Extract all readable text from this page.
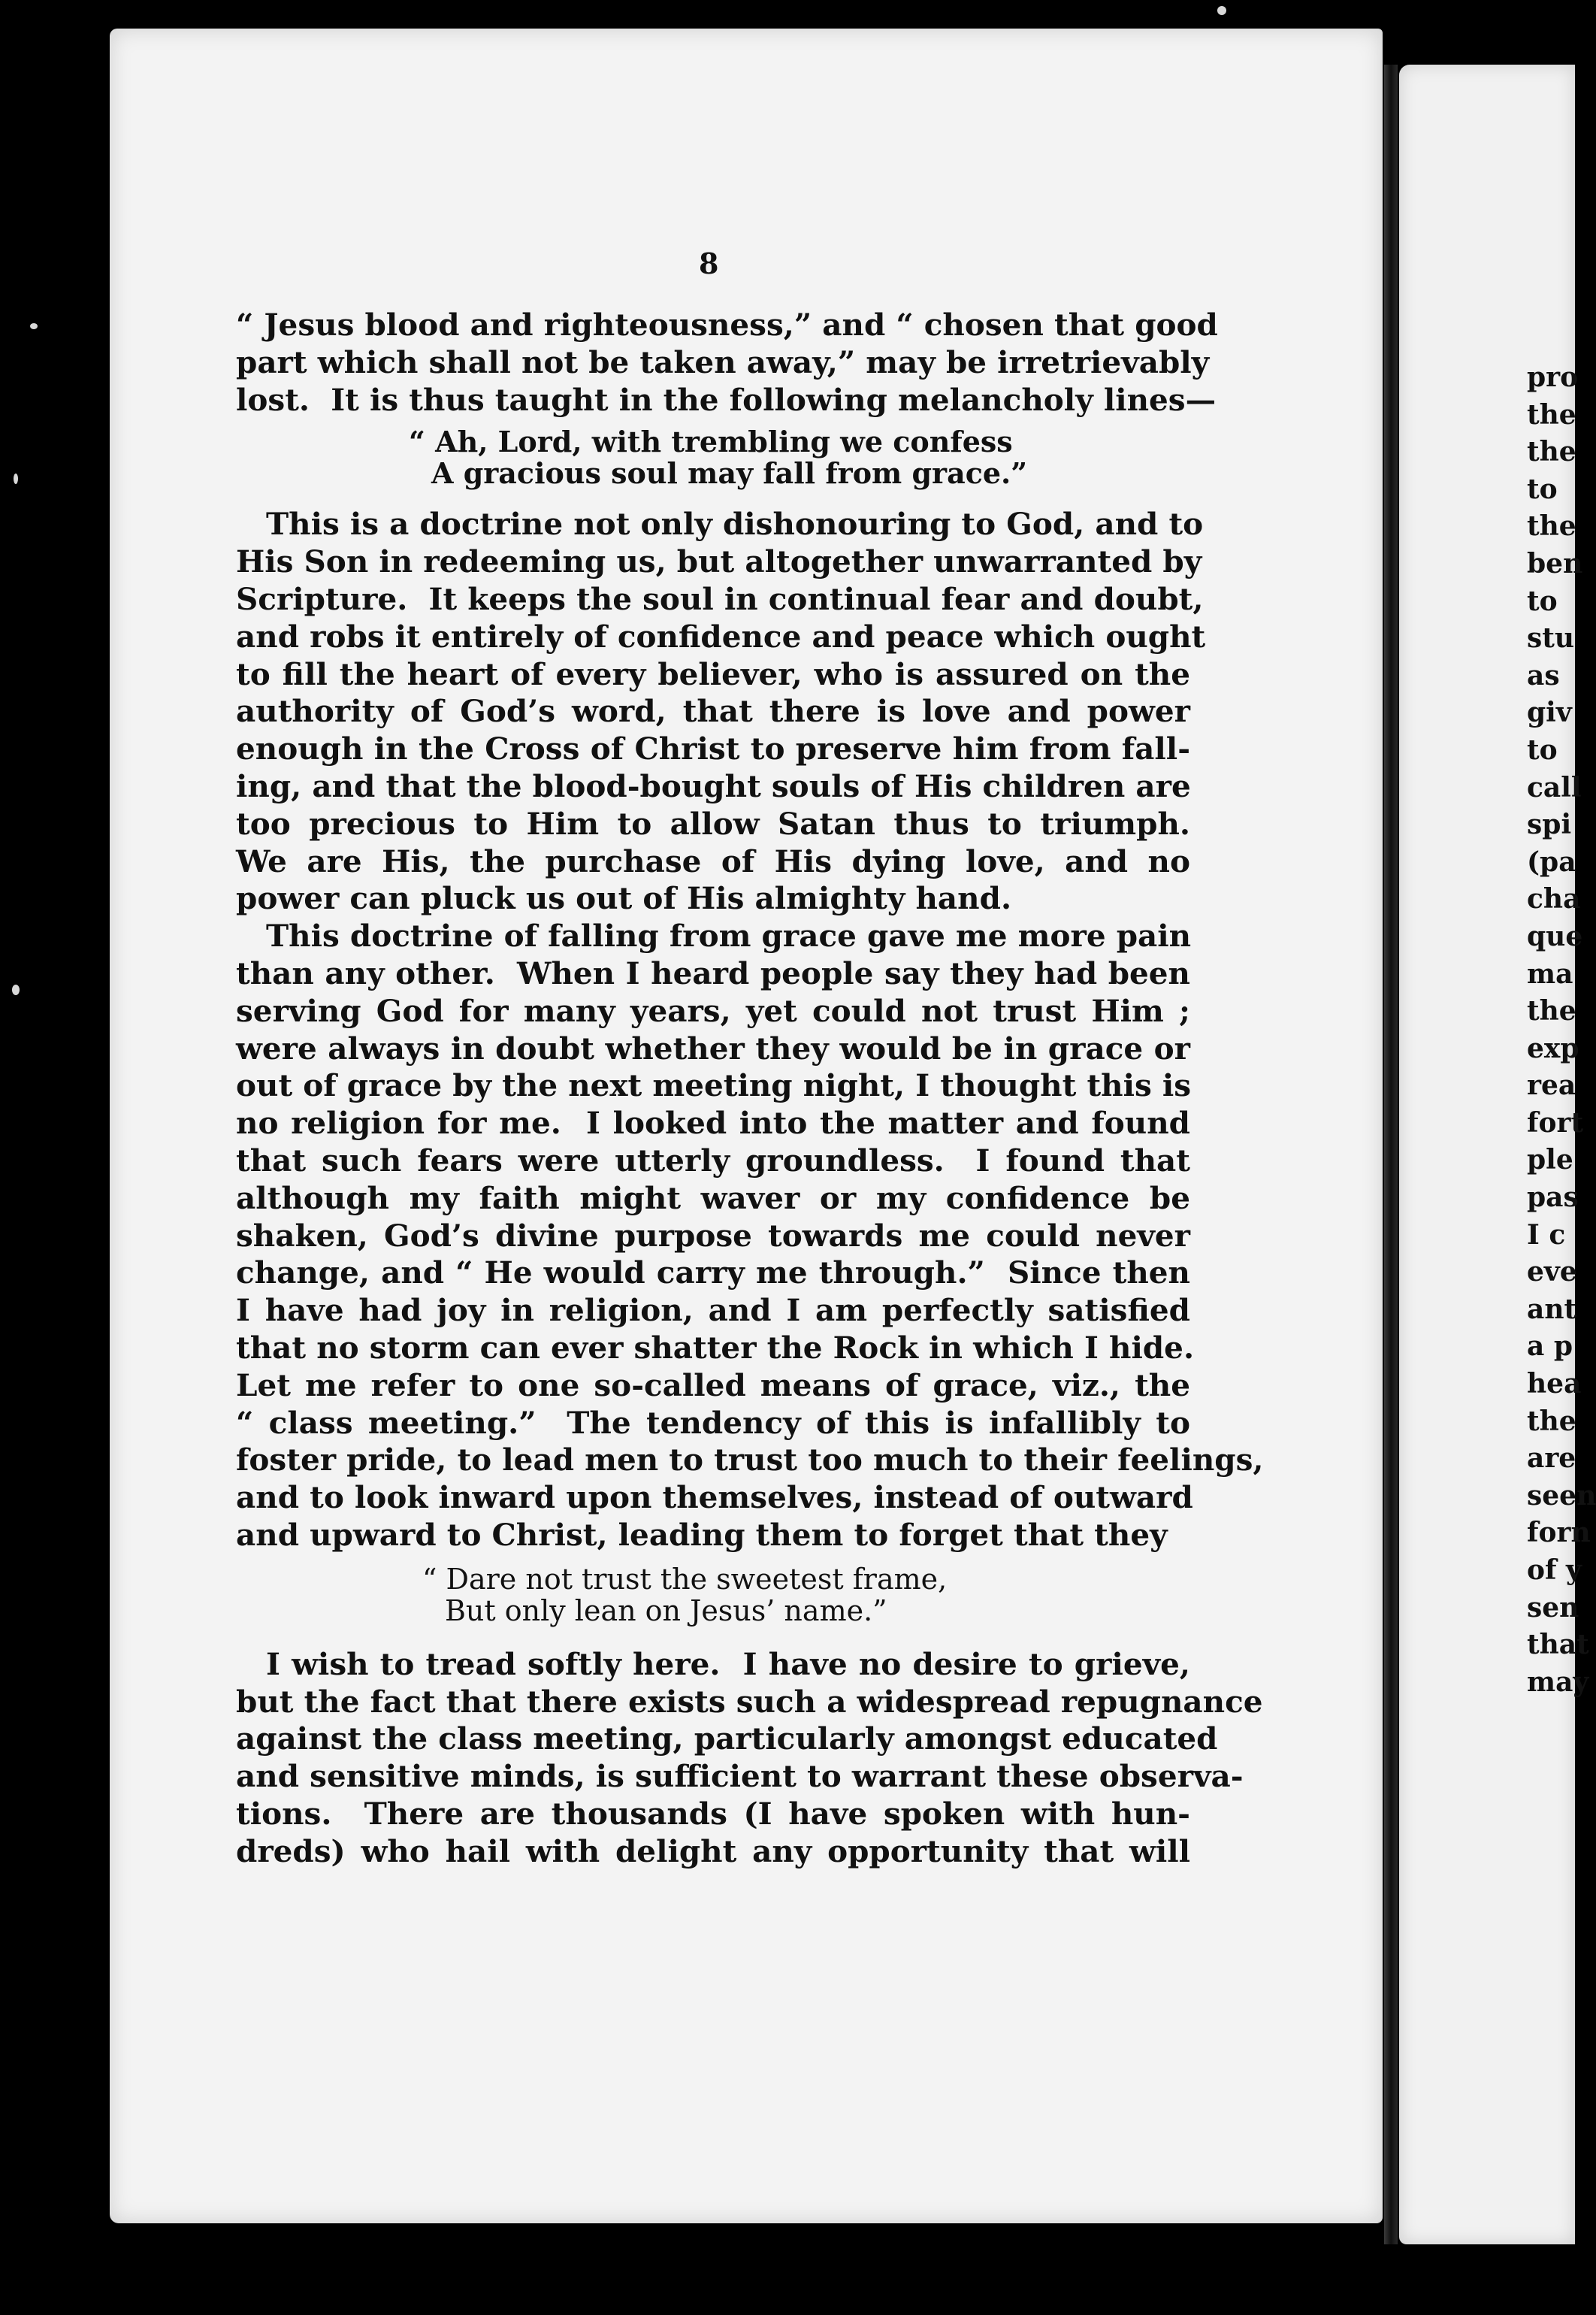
8
“ Jesus blood and righteousness,” and “ chosen that good
part which shall not be taken away,” may be irretrievably
lost.  It is thus taught in the following melancholy lines—
“ Ah, Lord, with trembling we confess
A gracious soul may fall from grace.”
This is a doctrine not only dishonouring to God, and to
His Son in redeeming us, but altogether unwarranted by
Scripture.  It keeps the soul in continual fear and doubt,
and robs it entirely of confidence and peace which ought
to fill the heart of every believer, who is assured on the
authority of God’s word, that there is love and power
enough in the Cross of Christ to preserve him from fall-
ing, and that the blood-bought souls of His children are
too precious to Him to allow Satan thus to triumph.
We are His, the purchase of His dying love, and no
power can pluck us out of His almighty hand.
This doctrine of falling from grace gave me more pain
than any other.  When I heard people say they had been
serving God for many years, yet could not trust Him ;
were always in doubt whether they would be in grace or
out of grace by the next meeting night, I thought this is
no religion for me.  I looked into the matter and found
that such fears were utterly groundless.  I found that
although my faith might waver or my confidence be
shaken, God’s divine purpose towards me could never
change, and “ He would carry me through.”  Since then
I have had joy in religion, and I am perfectly satisfied
that no storm can ever shatter the Rock in which I hide.
Let me refer to one so-called means of grace, viz., the
“ class meeting.”  The tendency of this is infallibly to
foster pride, to lead men to trust too much to their feelings,
and to look inward upon themselves, instead of outward
and upward to Christ, leading them to forget that they
“ Dare not trust the sweetest frame,
But only lean on Jesus’ name.”
I wish to tread softly here.  I have no desire to grieve,
but the fact that there exists such a widespread repugnance
against the class meeting, particularly amongst educated
and sensitive minds, is sufficient to warrant these observa-
tions.  There are thousands (I have spoken with hun-
dreds) who hail with delight any opportunity that will
pro
the
the
to
the
ben
to
stu
as
giv
to
call
spi
(pa
cha
que
ma
the
exp
rea
fort
ple
pas
I c
eve
ant
a p
hea
the
are
seen
forn
of y
sen
that
may
